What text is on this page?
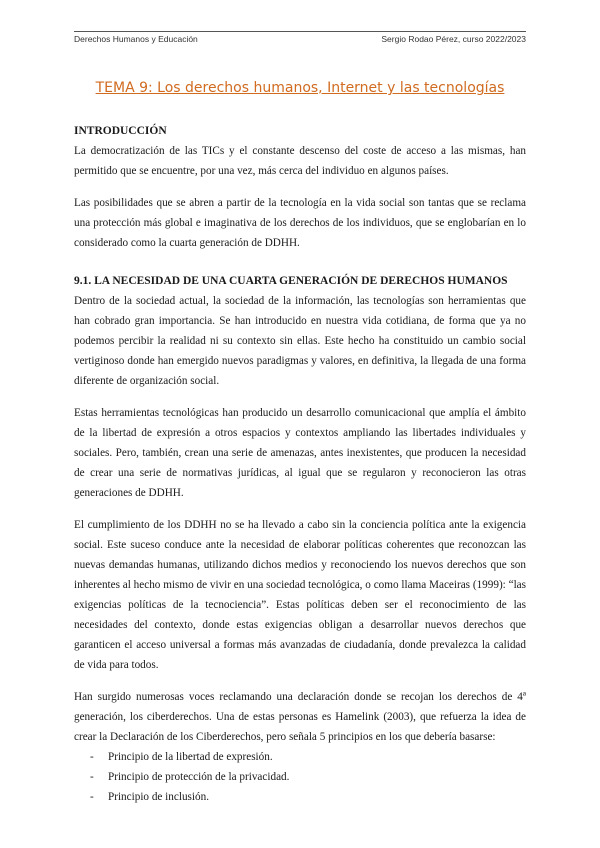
Derechos Humanos y Educación	Sergio Rodao Pérez, curso 2022/2023
TEMA 9: Los derechos humanos, Internet y las tecnologías
INTRODUCCIÓN

La democratización de las TICs y el constante descenso del coste de acceso a las mismas, han permitido que se encuentre, por una vez, más cerca del individuo en algunos países.

Las posibilidades que se abren a partir de la tecnología en la vida social son tantas que se reclama una protección más global e imaginativa de los derechos de los individuos, que se englobarían en lo considerado como la cuarta generación de DDHH.

9.1. LA NECESIDAD DE UNA CUARTA GENERACIÓN DE DERECHOS HUMANOS

Dentro de la sociedad actual, la sociedad de la información, las tecnologías son herramientas que han cobrado gran importancia. Se han introducido en nuestra vida cotidiana, de forma que ya no podemos percibir la realidad ni su contexto sin ellas. Este hecho ha constituido un cambio social vertiginoso donde han emergido nuevos paradigmas y valores, en definitiva, la llegada de una forma diferente de organización social.

Estas herramientas tecnológicas han producido un desarrollo comunicacional que amplía el ámbito de la libertad de expresión a otros espacios y contextos ampliando las libertades individuales y sociales. Pero, también, crean una serie de amenazas, antes inexistentes, que producen la necesidad de crear una serie de normativas jurídicas, al igual que se regularon y reconocieron las otras generaciones de DDHH.

El cumplimiento de los DDHH no se ha llevado a cabo sin la conciencia política ante la exigencia social. Este suceso conduce ante la necesidad de elaborar políticas coherentes que reconozcan las nuevas demandas humanas, utilizando dichos medios y reconociendo los nuevos derechos que son inherentes al hecho mismo de vivir en una sociedad tecnológica, o como llama Maceiras (1999): “las exigencias políticas de la tecnociencia”. Estas políticas deben ser el reconocimiento de las necesidades del contexto, donde estas exigencias obligan a desarrollar nuevos derechos que garanticen el acceso universal a formas más avanzadas de ciudadanía, donde prevalezca la calidad de vida para todos.

Han surgido numerosas voces reclamando una declaración donde se recojan los derechos de 4ª generación, los ciberderechos. Una de estas personas es Hamelink (2003), que refuerza la idea de crear la Declaración de los Ciberderechos, pero señala 5 principios en los que debería basarse:

- Principio de la libertad de expresión.
- Principio de protección de la privacidad.
- Principio de inclusión.
